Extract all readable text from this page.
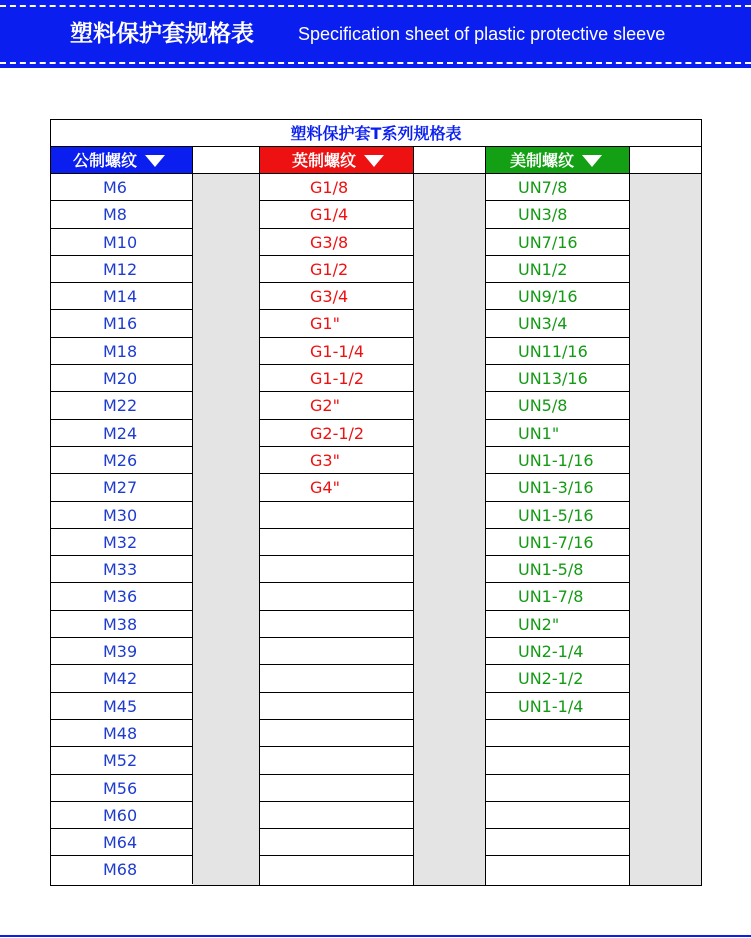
塑料保护套规格表 Specification sheet of plastic protective sleeve
塑料保护套T系列规格表
公制螺纹
M6
M8
M10
M12
M14
M16
M18
M20
M22
M24
M26
M27
M30
M32
M33
M36
M38
M39
M42
M45
M48
M52
M56
M60
M64
M68
英制螺纹
G1/8
G1/4
G3/8
G1/2
G3/4
G1"
G1-1/4
G1-1/2
G2"
G2-1/2
G3"
G4"
美制螺纹
UN7/8
UN3/8
UN7/16
UN1/2
UN9/16
UN3/4
UN11/16
UN13/16
UN5/8
UN1"
UN1-1/16
UN1-3/16
UN1-5/16
UN1-7/16
UN1-5/8
UN1-7/8
UN2"
UN2-1/4
UN2-1/2
UN1-1/4
